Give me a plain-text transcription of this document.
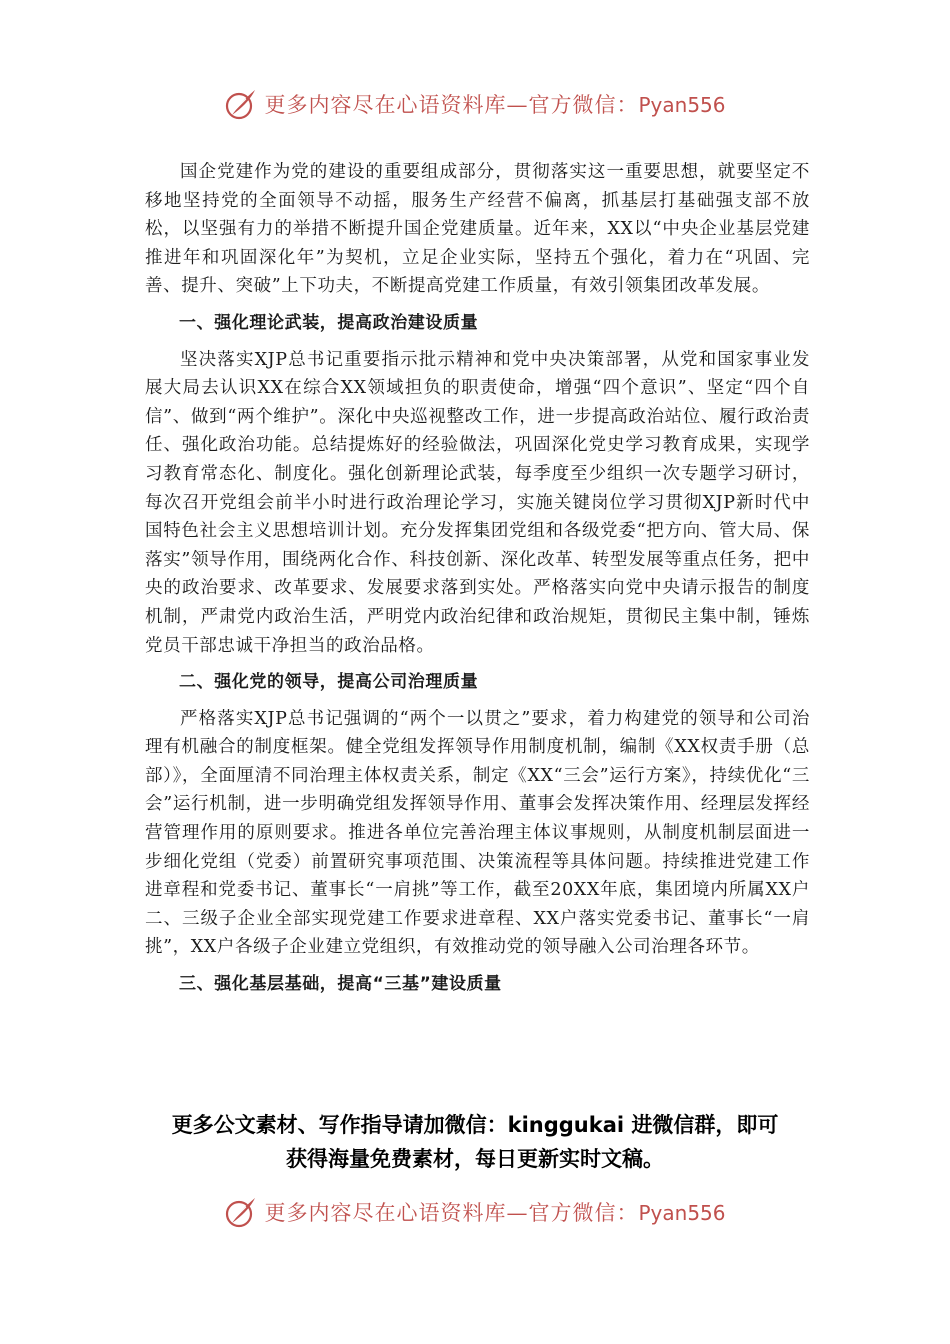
更多内容尽在心语资料库—官方微信：Pyan556

国企党建作为党的建设的重要组成部分，贯彻落实这一重要思想，就要坚定不移地坚持党的全面领导不动摇，服务生产经营不偏离，抓基层打基础强支部不放松，以坚强有力的举措不断提升国企党建质量。近年来，XX以“中央企业基层党建推进年和巩固深化年”为契机，立足企业实际，坚持五个强化，着力在“巩固、完善、提升、突破”上下功夫，不断提高党建工作质量，有效引领集团改革发展。

一、强化理论武装，提高政治建设质量

坚决落实XJP总书记重要指示批示精神和党中央决策部署，从党和国家事业发展大局去认识XX在综合XX领域担负的职责使命，增强“四个意识”、坚定“四个自信”、做到“两个维护”。深化中央巡视整改工作，进一步提高政治站位、履行政治责任、强化政治功能。总结提炼好的经验做法，巩固深化党史学习教育成果，实现学习教育常态化、制度化。强化创新理论武装，每季度至少组织一次专题学习研讨，每次召开党组会前半小时进行政治理论学习，实施关键岗位学习贯彻XJP新时代中国特色社会主义思想培训计划。充分发挥集团党组和各级党委“把方向、管大局、保落实”领导作用，围绕两化合作、科技创新、深化改革、转型发展等重点任务，把中央的政治要求、改革要求、发展要求落到实处。严格落实向党中央请示报告的制度机制，严肃党内政治生活，严明党内政治纪律和政治规矩，贯彻民主集中制，锤炼党员干部忠诚干净担当的政治品格。

二、强化党的领导，提高公司治理质量

严格落实XJP总书记强调的“两个一以贯之”要求，着力构建党的领导和公司治理有机融合的制度框架。健全党组发挥领导作用制度机制，编制《XX权责手册（总部）》，全面厘清不同治理主体权责关系，制定《XX“三会”运行方案》，持续优化“三会”运行机制，进一步明确党组发挥领导作用、董事会发挥决策作用、经理层发挥经营管理作用的原则要求。推进各单位完善治理主体议事规则，从制度机制层面进一步细化党组（党委）前置研究事项范围、决策流程等具体问题。持续推进党建工作进章程和党委书记、董事长“一肩挑”等工作，截至20XX年底，集团境内所属XX户二、三级子企业全部实现党建工作要求进章程、XX户落实党委书记、董事长“一肩挑”，XX户各级子企业建立党组织，有效推动党的领导融入公司治理各环节。

三、强化基层基础，提高“三基”建设质量
更多公文素材、写作指导请加微信：kinggukai 进微信群，即可
获得海量免费素材，每日更新实时文稿。
更多内容尽在心语资料库—官方微信：Pyan556
